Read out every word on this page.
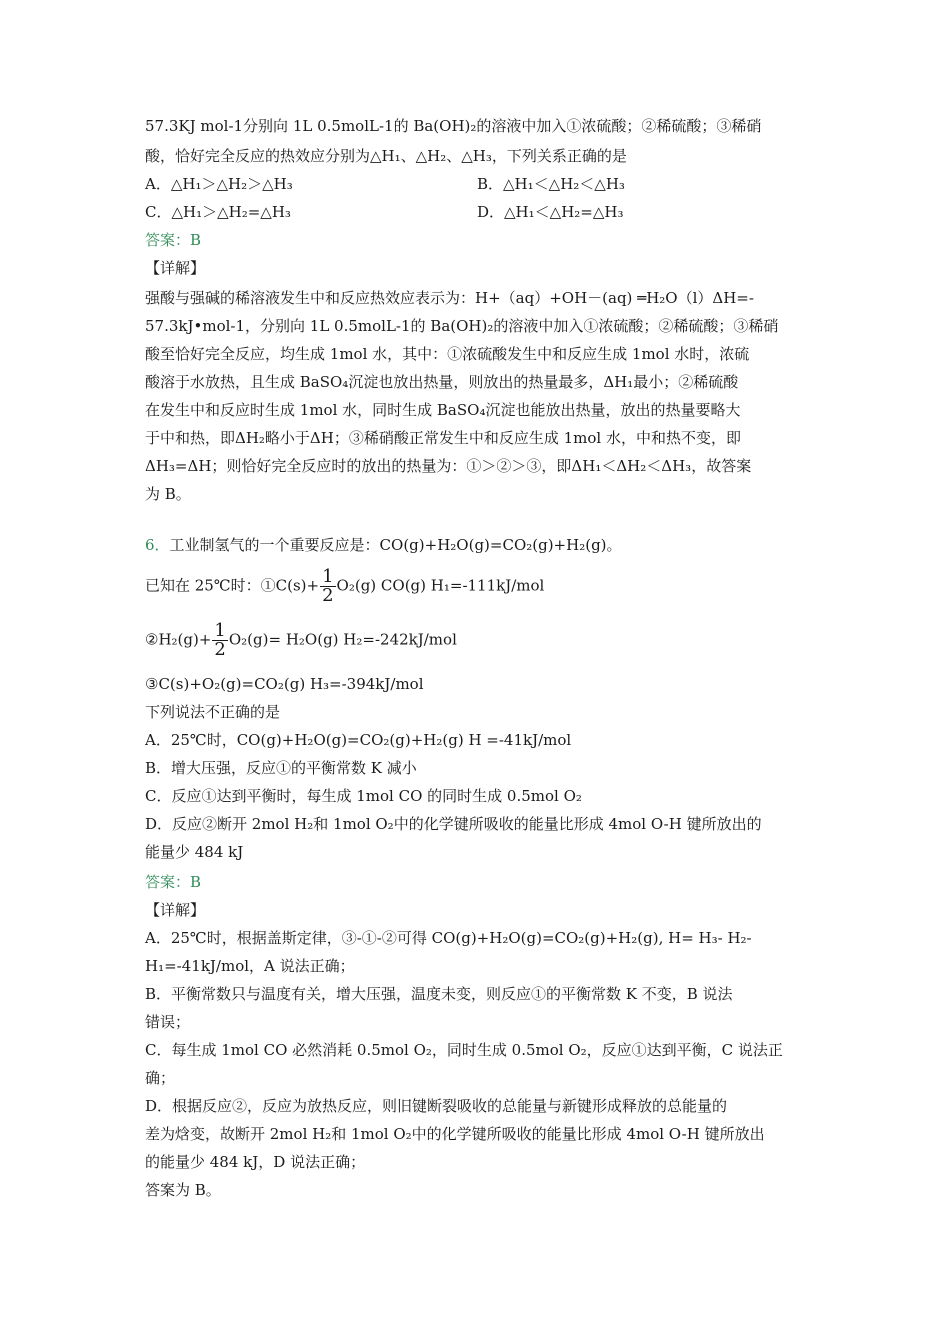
57.3KJ mol-1分别向 1L 0.5molL-1的 Ba(OH)₂的溶液中加入①浓硫酸；②稀硫酸；③稀硝
酸，恰好完全反应的热效应分别为△H₁、△H₂、△H₃，下列关系正确的是
A．△H₁＞△H₂＞△H₃	B．△H₁＜△H₂＜△H₃
C．△H₁＞△H₂=△H₃	D．△H₁＜△H₂=△H₃
答案：B
【详解】
强酸与强碱的稀溶液发生中和反应热效应表示为：H+（aq）+OH－(aq) ═H₂O（l）ΔH=-
57.3kJ•mol-1，分别向 1L 0.5molL-1的 Ba(OH)₂的溶液中加入①浓硫酸；②稀硫酸；③稀硝
酸至恰好完全反应，均生成 1mol 水，其中：①浓硫酸发生中和反应生成 1mol 水时，浓硫
酸溶于水放热，且生成 BaSO₄沉淀也放出热量，则放出的热量最多，ΔH₁最小；②稀硫酸
在发生中和反应时生成 1mol 水，同时生成 BaSO₄沉淀也能放出热量，放出的热量要略大
于中和热，即ΔH₂略小于ΔH；③稀硝酸正常发生中和反应生成 1mol 水，中和热不变，即
ΔH₃=ΔH；则恰好完全反应时的放出的热量为：①＞②＞③，即ΔH₁＜ΔH₂＜ΔH₃，故答案
为 B。
6．工业制氢气的一个重要反应是：CO(g)+H₂O(g)=CO₂(g)+H₂(g)。
已知在 25℃时：①C(s)+ $\frac{1}{2} O_2(g)$ CO(g) H₁=-111kJ/mol
②H₂(g)+ $\frac{1}{2} O_2(g)= H_2O(g)$ H₂=-242kJ/mol
③C(s)+O₂(g)=CO₂(g) H₃=-394kJ/mol
下列说法不正确的是
A．25℃时，CO(g)+H₂O(g)=CO₂(g)+H₂(g) H =-41kJ/mol
B．增大压强，反应①的平衡常数 K 减小
C．反应①达到平衡时，每生成 1mol CO 的同时生成 0.5mol O₂
D．反应②断开 2mol H₂和 1mol O₂中的化学键所吸收的能量比形成 4mol O-H 键所放出的
能量少 484 kJ
答案：B
【详解】
A．25℃时，根据盖斯定律，③-①-②可得 CO(g)+H₂O(g)=CO₂(g)+H₂(g), H= H₃- H₂-
H₁=-41kJ/mol，A 说法正确；
B．平衡常数只与温度有关，增大压强，温度未变，则反应①的平衡常数 K 不变，B 说法
错误；
C．每生成 1mol CO 必然消耗 0.5mol O₂，同时生成 0.5mol O₂，反应①达到平衡，C 说法正
确；
D．根据反应②，反应为放热反应，则旧键断裂吸收的总能量与新键形成释放的总能量的
差为焓变，故断开 2mol H₂和 1mol O₂中的化学键所吸收的能量比形成 4mol O-H 键所放出
的能量少 484 kJ，D 说法正确；
答案为 B。
